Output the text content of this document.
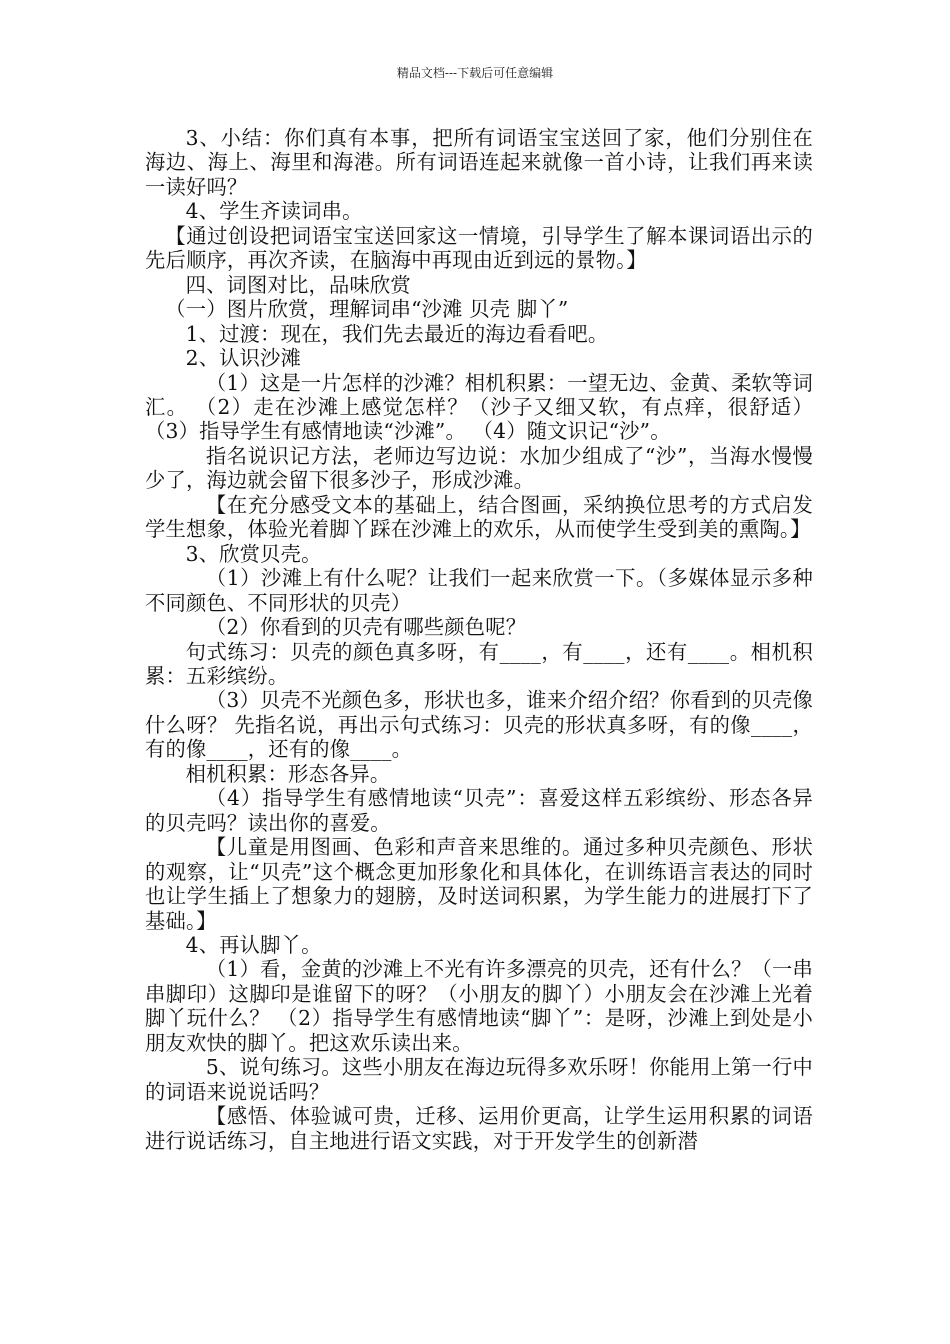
精品文档---下载后可任意编辑

3、小结：你们真有本事，把所有词语宝宝送回了家，他们分别住在海边、海上、海里和海港。所有词语连起来就像一首小诗，让我们再来读一读好吗？

4、学生齐读词串。

【通过创设把词语宝宝送回家这一情境，引导学生了解本课词语出示的先后顺序，再次齐读，在脑海中再现由近到远的景物。】

四、词图对比，品味欣赏

（一）图片欣赏，理解词串“沙滩 贝壳 脚丫”

1、过渡：现在，我们先去最近的海边看看吧。

2、认识沙滩

（1）这是一片怎样的沙滩？相机积累：一望无边、金黄、柔软等词汇。 （2）走在沙滩上感觉怎样？（沙子又细又软，有点痒，很舒适） （3）指导学生有感情地读“沙滩”。 （4）随文识记“沙”。

指名说识记方法，老师边写边说：水加少组成了“沙”，当海水慢慢少了，海边就会留下很多沙子，形成沙滩。

【在充分感受文本的基础上，结合图画，采纳换位思考的方式启发学生想象，体验光着脚丫踩在沙滩上的欢乐，从而使学生受到美的熏陶。】

3、欣赏贝壳。

（1）沙滩上有什么呢？让我们一起来欣赏一下。（多媒体显示多种不同颜色、不同形状的贝壳）

（2）你看到的贝壳有哪些颜色呢？

句式练习：贝壳的颜色真多呀，有____，有____，还有____。相机积累：五彩缤纷。

（3）贝壳不光颜色多，形状也多，谁来介绍介绍？你看到的贝壳像什么呀？ 先指名说，再出示句式练习：贝壳的形状真多呀，有的像____，有的像____，还有的像____。

相机积累：形态各异。

（4）指导学生有感情地读“贝壳”：喜爱这样五彩缤纷、形态各异的贝壳吗？读出你的喜爱。

【儿童是用图画、色彩和声音来思维的。通过多种贝壳颜色、形状的观察，让“贝壳”这个概念更加形象化和具体化，在训练语言表达的同时也让学生插上了想象力的翅膀，及时送词积累，为学生能力的进展打下了基础。】

4、再认脚丫。

（1）看，金黄的沙滩上不光有许多漂亮的贝壳，还有什么？（一串串脚印）这脚印是谁留下的呀？（小朋友的脚丫）小朋友会在沙滩上光着脚丫玩什么？ （2）指导学生有感情地读“脚丫”：是呀，沙滩上到处是小朋友欢快的脚丫。把这欢乐读出来。

5、说句练习。这些小朋友在海边玩得多欢乐呀！你能用上第一行中的词语来说说话吗？

【感悟、体验诚可贵，迁移、运用价更高，让学生运用积累的词语进行说话练习，自主地进行语文实践，对于开发学生的创新潜
